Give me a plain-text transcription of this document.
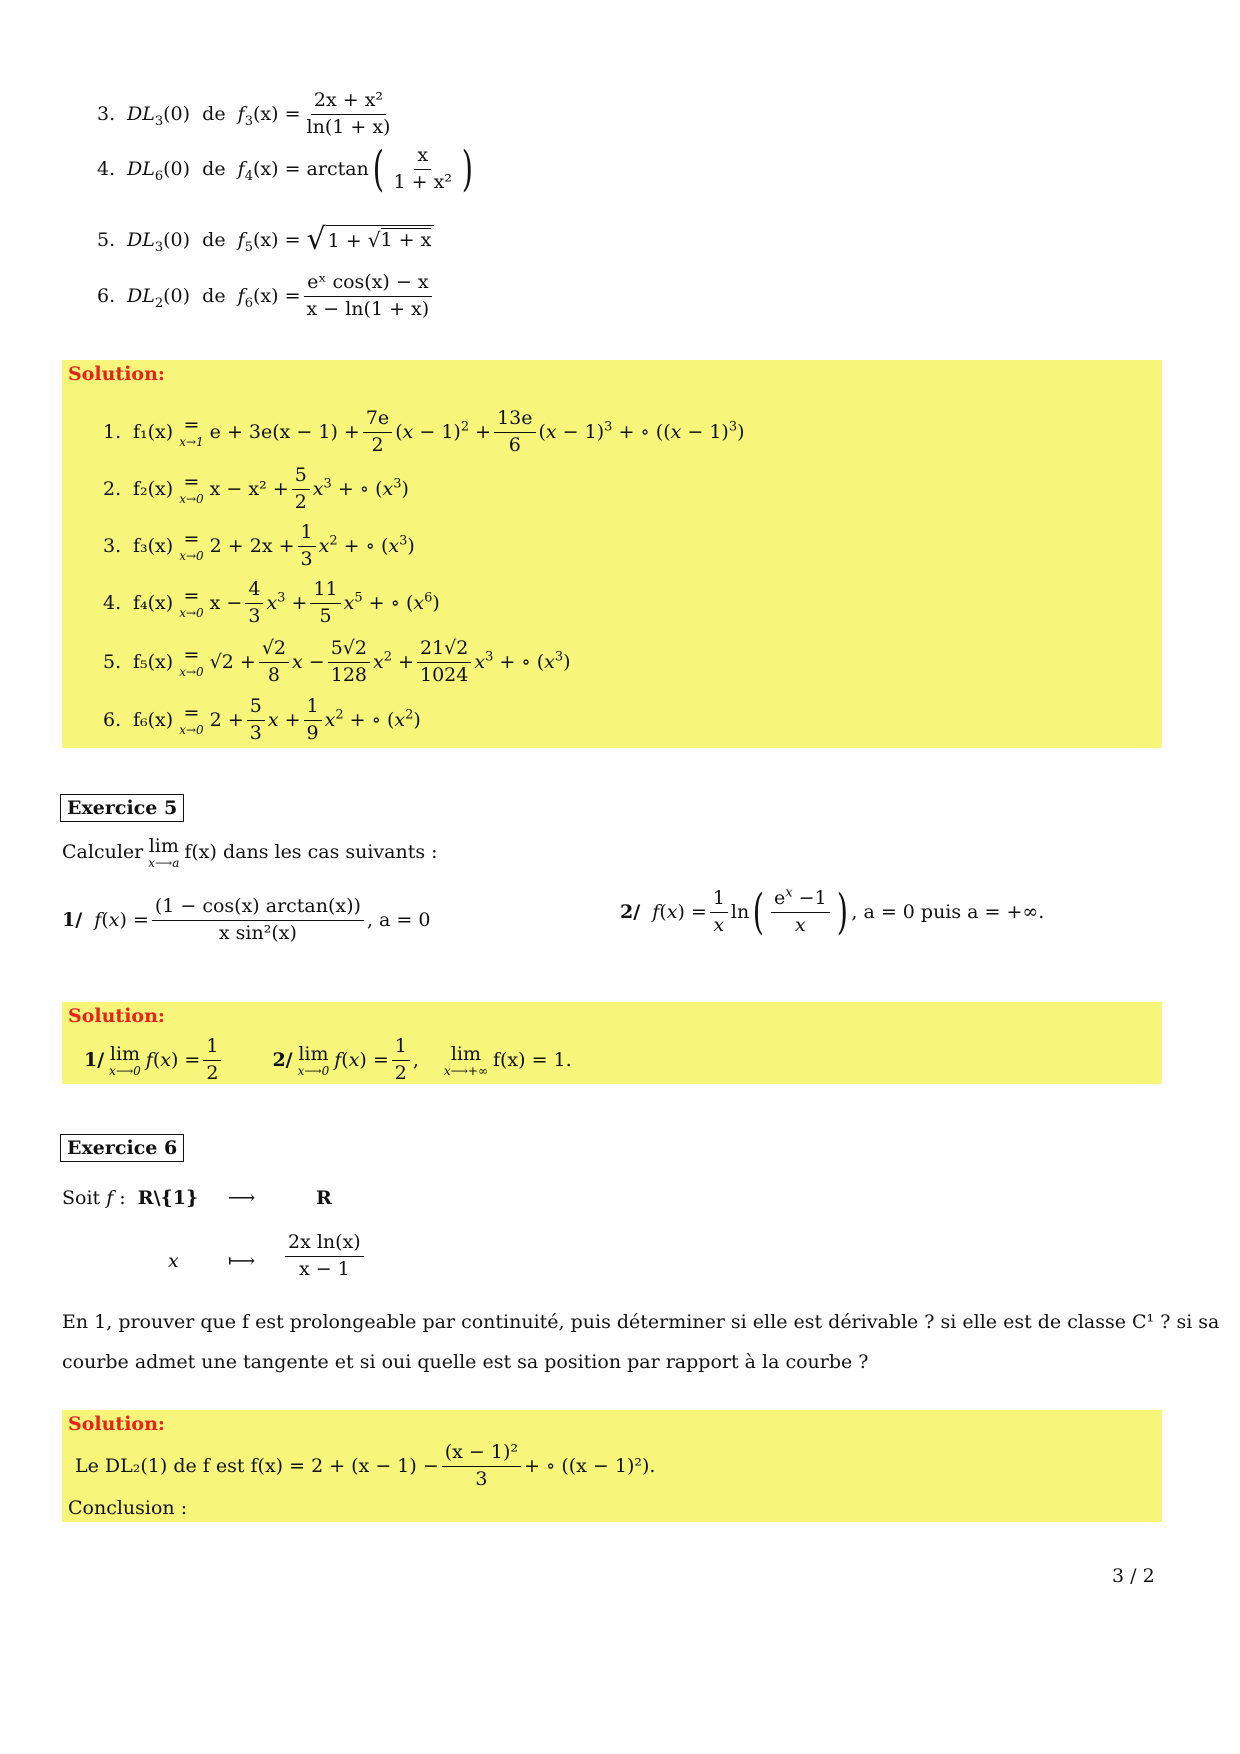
3. $DL_3(0)$ de $f_3(x) = \frac{\text{2x + x²}}{\ln(1 + x)}$
4. $DL_6(0)$ de $f_4(x) = \arctan$ ( $\frac{x}{\text{1 + x²}}$ )
5. $DL_3(0)$ de $f_5(x)$ = √ 1 + √ 1 + x
6. $DL_2(0)$ de $f_6(x) = \frac{\text{eˣ cos(x) − x}}{x - \ln(1 + x)}$
Solution:
1. f₁(x) =
x→1 $e + 3e(x - 1) + \frac{7e}{2} (x - 1)^2 + \frac{13e}{6} (x - 1)^3$ + ∘ $((x - 1)^3)$
2. f₂(x) =
x→0 $x - x^2 + \frac{5}{2} x^3$ + ∘ $(x^3)$
3. f₃(x) =
x→0 $2 + 2x + \frac{1}{3} x^2$ + ∘ $(x^3)$
4. f₄(x) =
x→0 $x - \frac{4}{3} x^3 + \frac{11}{5} x^5$ + ∘ $(x^6)$
5. f₅(x) =
x→0 $√2 + \frac{√2}{8}$ $x - \frac{5√2}{128} x^2 + \frac{21√2}{1024} x^3$ + ∘ $(x^3)$
6. f₆(x) =
x→0 $2 + \frac{5}{3}$ $x + \frac{1}{9} x^2$ + ∘ $(x^2)$
Exercice 5
Calculer lim
x⟶a f(x) dans les cas suivants :
1/
$f(x) = \frac{(1 - \cos(x) \arctan(x))}{\text{x sin²(x)}}$ , a = 0	2/
$f(x) = \frac{1}{x}$ ln ( $\frac{e^x -1}{x}$ ) , a = 0 puis a = +∞.
Solution:
1/ lim
x⟶0 $f(x) = \frac{1}{2}$	2/ lim
x⟶0 $f(x) = \frac{1}{2}$ , lim
x⟶+∞ f(x) = 1.
Exercice 6
Soit f :  R\{1} ⟶	R
x	⟼ $\frac{\text{2x ln(x)}}{x - 1}$
En 1, prouver que f est prolongeable par continuité, puis déterminer si elle est dérivable ? si elle est de classe C¹ ? si sa
courbe admet une tangente et si oui quelle est sa position par rapport à la courbe ?
Solution:
Le DL₂(1) de f est $f(x) = 2 + (x - 1) - \frac{\text{(x − 1)²}}{3}$ + ∘ ((x − 1)²).
Conclusion :
3 / 2
